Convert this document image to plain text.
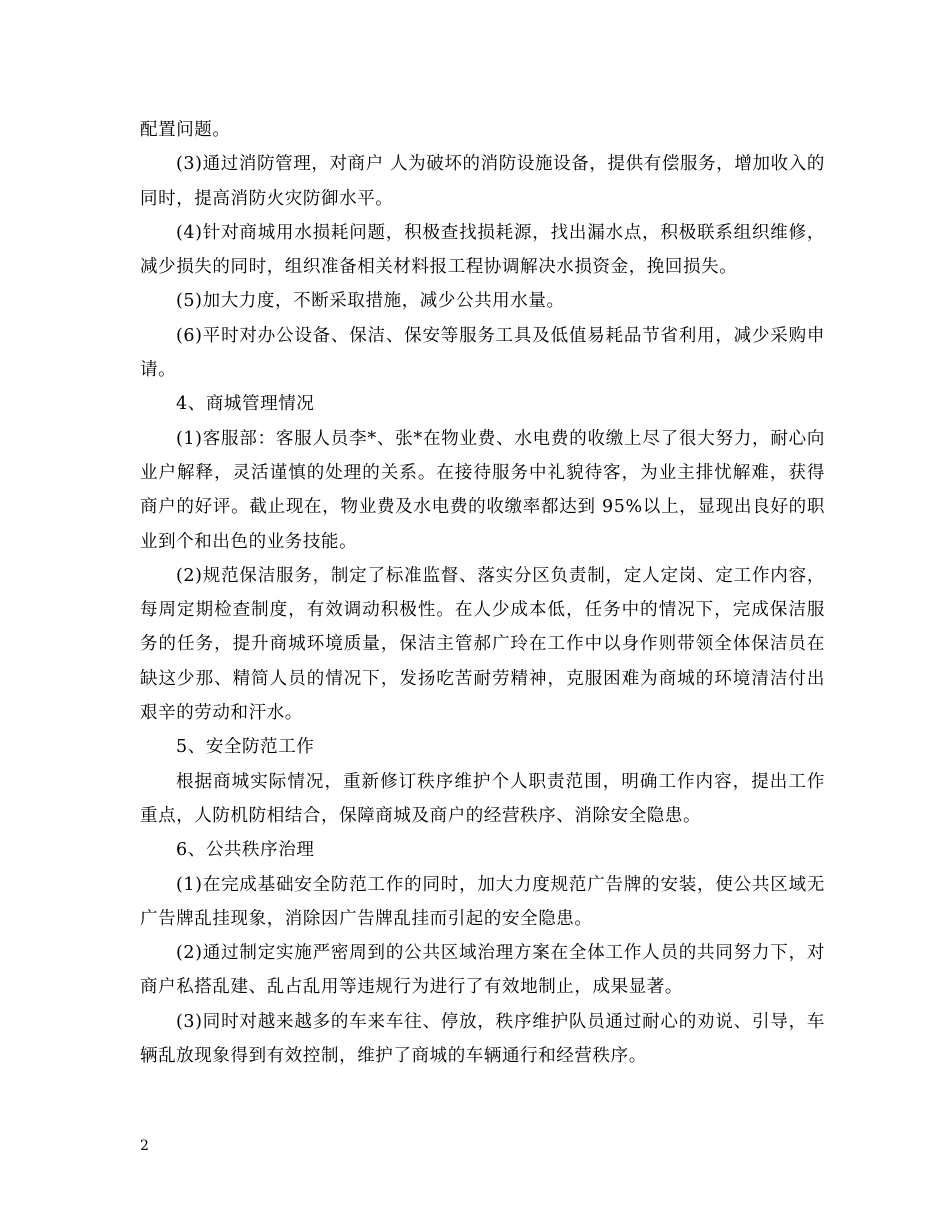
配置问题。

(3)通过消防管理，对商户 人为破坏的消防设施设备，提供有偿服务，增加收入的同时，提高消防火灾防御水平。

(4)针对商城用水损耗问题，积极查找损耗源，找出漏水点，积极联系组织维修，减少损失的同时，组织准备相关材料报工程协调解决水损资金，挽回损失。

(5)加大力度，不断采取措施，减少公共用水量。

(6)平时对办公设备、保洁、保安等服务工具及低值易耗品节省利用，减少采购申请。

4、商城管理情况

(1)客服部：客服人员李*、张*在物业费、水电费的收缴上尽了很大努力，耐心向业户解释，灵活谨慎的处理的关系。在接待服务中礼貌待客，为业主排忧解难，获得商户的好评。截止现在，物业费及水电费的收缴率都达到 95%以上，显现出良好的职业到个和出色的业务技能。

(2)规范保洁服务，制定了标准监督、落实分区负责制，定人定岗、定工作内容，每周定期检查制度，有效调动积极性。在人少成本低，任务中的情况下，完成保洁服务的任务，提升商城环境质量，保洁主管郝广玲在工作中以身作则带领全体保洁员在缺这少那、精简人员的情况下，发扬吃苦耐劳精神，克服困难为商城的环境清洁付出艰辛的劳动和汗水。

5、安全防范工作

根据商城实际情况，重新修订秩序维护个人职责范围，明确工作内容，提出工作重点，人防机防相结合，保障商城及商户的经营秩序、消除安全隐患。

6、公共秩序治理

(1)在完成基础安全防范工作的同时，加大力度规范广告牌的安装，使公共区域无广告牌乱挂现象，消除因广告牌乱挂而引起的安全隐患。

(2)通过制定实施严密周到的公共区域治理方案在全体工作人员的共同努力下，对商户私搭乱建、乱占乱用等违规行为进行了有效地制止，成果显著。

(3)同时对越来越多的车来车往、停放，秩序维护队员通过耐心的劝说、引导，车辆乱放现象得到有效控制，维护了商城的车辆通行和经营秩序。

2
